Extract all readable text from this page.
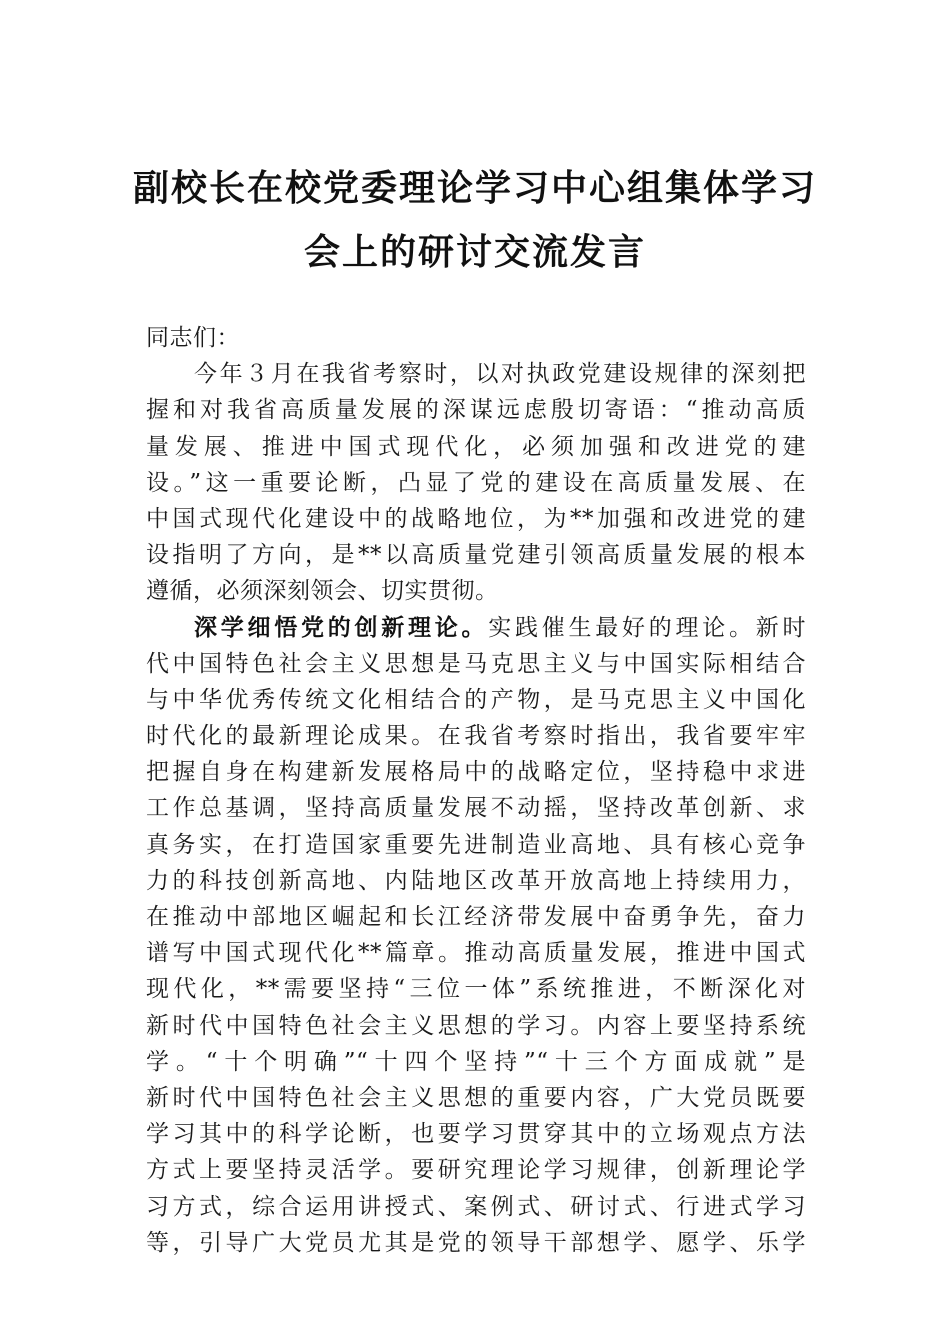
副校长在校党委理论学习中心组集体学习
会上的研讨交流发言
同志们：
今年３月在我省考察时，以对执政党建设规律的深刻把
握和对我省高质量发展的深谋远虑殷切寄语：“推动高质
量发展、推进中国式现代化，必须加强和改进党的建
设。”这一重要论断，凸显了党的建设在高质量发展、在
中国式现代化建设中的战略地位，为**加强和改进党的建
设指明了方向，是**以高质量党建引领高质量发展的根本
遵循，必须深刻领会、切实贯彻。
深学细悟党的创新理论。实践催生最好的理论。新时
代中国特色社会主义思想是马克思主义与中国实际相结合
与中华优秀传统文化相结合的产物，是马克思主义中国化
时代化的最新理论成果。在我省考察时指出，我省要牢牢
把握自身在构建新发展格局中的战略定位，坚持稳中求进
工作总基调，坚持高质量发展不动摇，坚持改革创新、求
真务实，在打造国家重要先进制造业高地、具有核心竞争
力的科技创新高地、内陆地区改革开放高地上持续用力，
在推动中部地区崛起和长江经济带发展中奋勇争先，奋力
谱写中国式现代化**篇章。推动高质量发展，推进中国式
现代化，**需要坚持“三位一体”系统推进，不断深化对
新时代中国特色社会主义思想的学习。内容上要坚持系统
学。“十个明确”“十四个坚持”“十三个方面成就”是
新时代中国特色社会主义思想的重要内容，广大党员既要
学习其中的科学论断，也要学习贯穿其中的立场观点方法
方式上要坚持灵活学。要研究理论学习规律，创新理论学
习方式，综合运用讲授式、案例式、研讨式、行进式学习
等，引导广大党员尤其是党的领导干部想学、愿学、乐学
